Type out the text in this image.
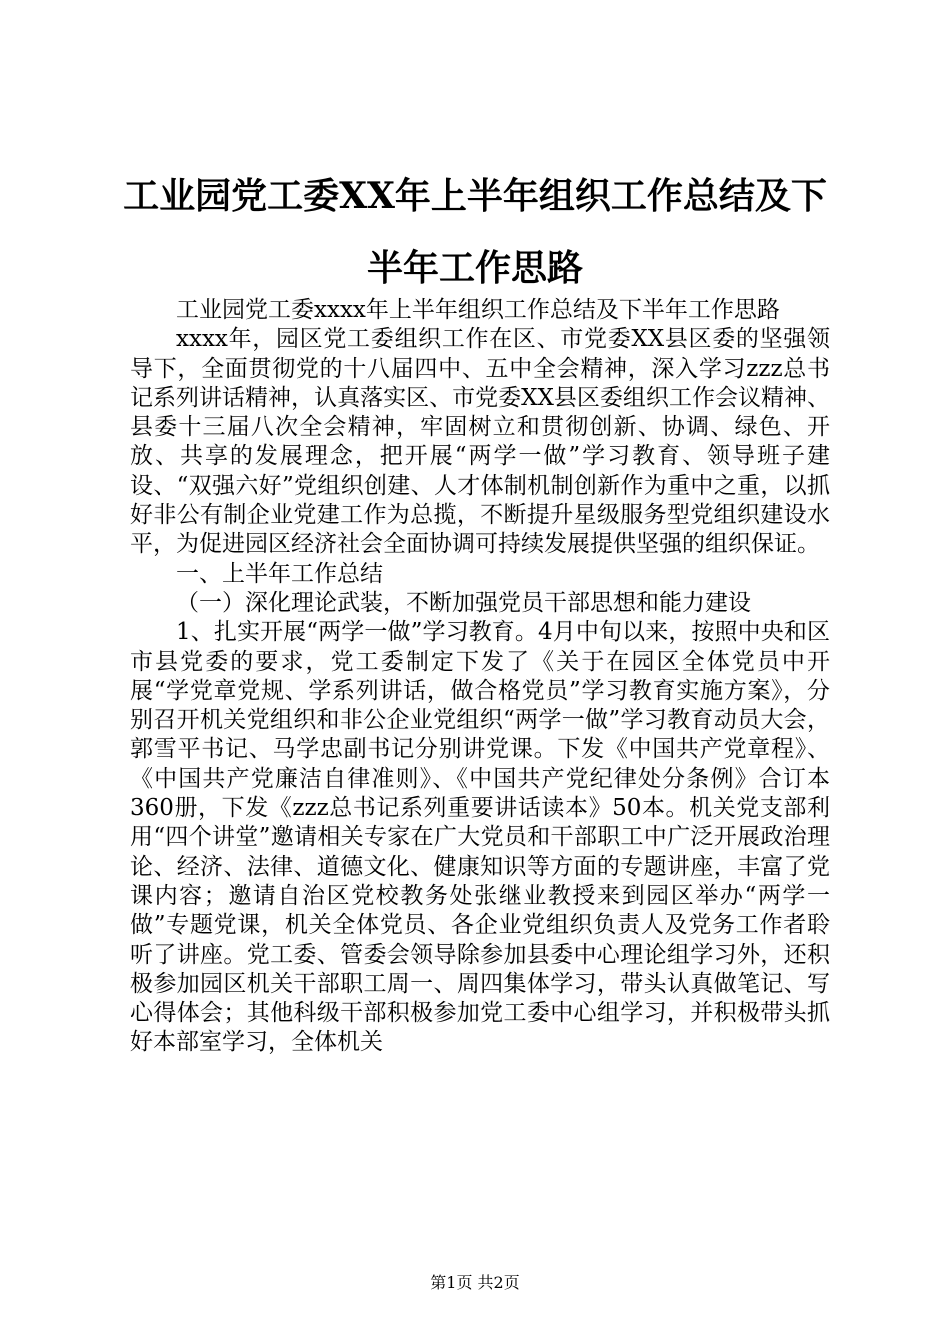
工业园党工委XX年上半年组织工作总结及下半年工作思路

工业园党工委xxxx年上半年组织工作总结及下半年工作思路

xxxx年，园区党工委组织工作在区、市党委XX县区委的坚强领导下，全面贯彻党的十八届四中、五中全会精神，深入学习zzz总书记系列讲话精神，认真落实区、市党委XX县区委组织工作会议精神、县委十三届八次全会精神，牢固树立和贯彻创新、协调、绿色、开放、共享的发展理念，把开展“两学一做”学习教育、领导班子建设、“双强六好”党组织创建、人才体制机制创新作为重中之重，以抓好非公有制企业党建工作为总揽，不断提升星级服务型党组织建设水平，为促进园区经济社会全面协调可持续发展提供坚强的组织保证。

一、上半年工作总结

（一）深化理论武装，不断加强党员干部思想和能力建设

1、扎实开展“两学一做”学习教育。4月中旬以来，按照中央和区市县党委的要求，党工委制定下发了《关于在园区全体党员中开展“学党章党规、学系列讲话，做合格党员”学习教育实施方案》，分别召开机关党组织和非公企业党组织“两学一做”学习教育动员大会，郭雪平书记、马学忠副书记分别讲党课。下发《中国共产党章程》、《中国共产党廉洁自律准则》、《中国共产党纪律处分条例》合订本360册，下发《zzz总书记系列重要讲话读本》50本。机关党支部利用“四个讲堂”邀请相关专家在广大党员和干部职工中广泛开展政治理论、经济、法律、道德文化、健康知识等方面的专题讲座，丰富了党课内容；邀请自治区党校教务处张继业教授来到园区举办“两学一做”专题党课，机关全体党员、各企业党组织负责人及党务工作者聆听了讲座。党工委、管委会领导除参加县委中心理论组学习外，还积极参加园区机关干部职工周一、周四集体学习，带头认真做笔记、写心得体会；其他科级干部积极参加党工委中心组学习，并积极带头抓好本部室学习，全体机关

第1页 共2页
